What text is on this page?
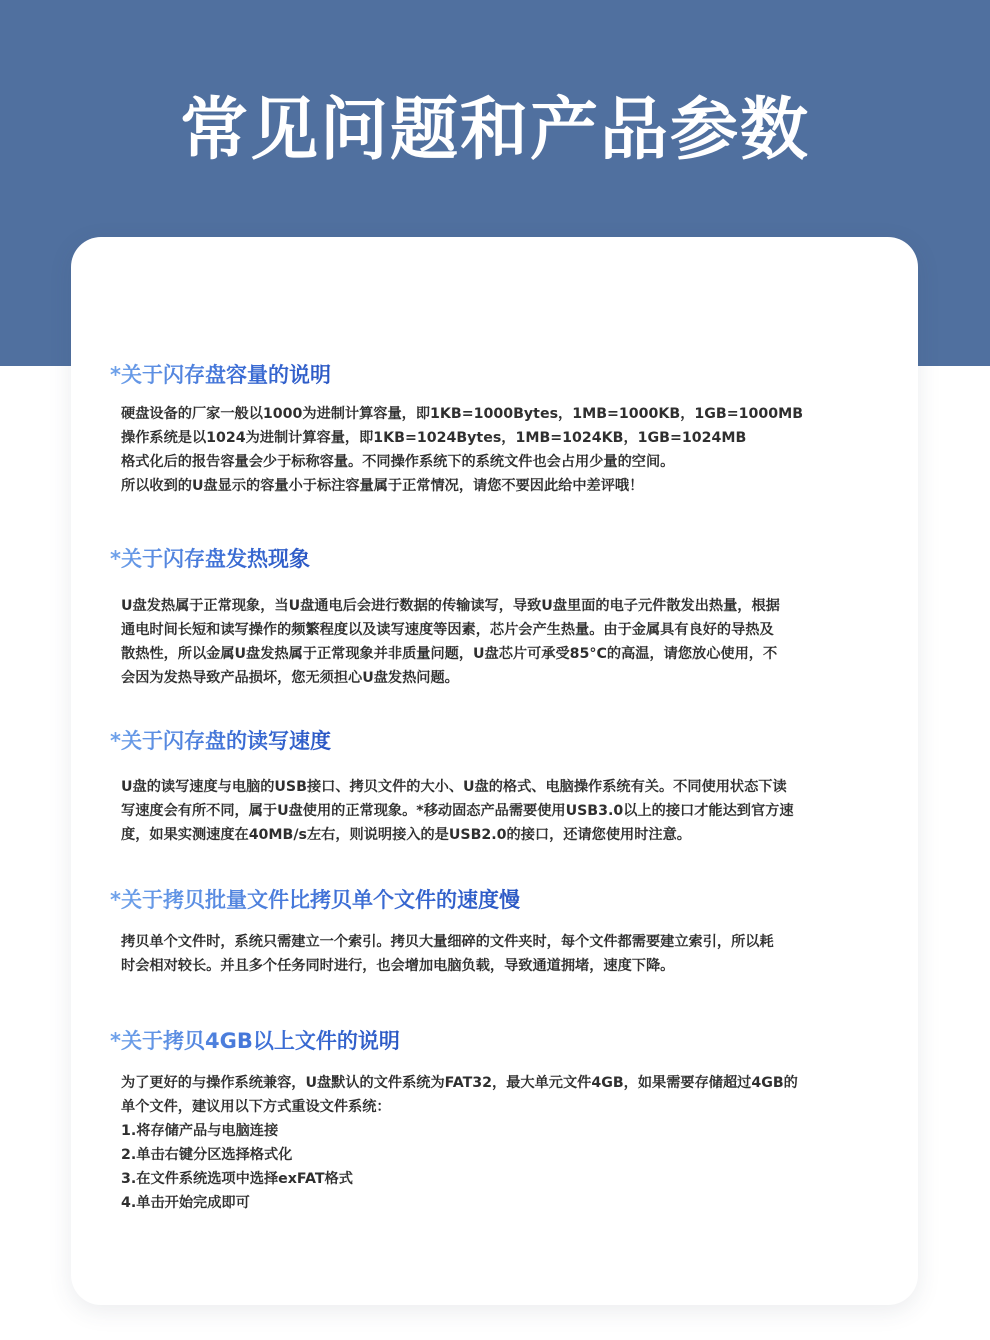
常见问题和产品参数
*关于闪存盘容量的说明
硬盘设备的厂家一般以1000为进制计算容量，即1KB=1000Bytes，1MB=1000KB，1GB=1000MB
操作系统是以1024为进制计算容量，即1KB=1024Bytes，1MB=1024KB，1GB=1024MB
格式化后的报告容量会少于标称容量。不同操作系统下的系统文件也会占用少量的空间。
所以收到的U盘显示的容量小于标注容量属于正常情况，请您不要因此给中差评哦！
*关于闪存盘发热现象
U盘发热属于正常现象，当U盘通电后会进行数据的传输读写，导致U盘里面的电子元件散发出热量，根据
通电时间长短和读写操作的频繁程度以及读写速度等因素，芯片会产生热量。由于金属具有良好的导热及
散热性，所以金属U盘发热属于正常现象并非质量问题，U盘芯片可承受85°C的高温，请您放心使用，不
会因为发热导致产品损坏，您无须担心U盘发热问题。
*关于闪存盘的读写速度
U盘的读写速度与电脑的USB接口、拷贝文件的大小、U盘的格式、电脑操作系统有关。不同使用状态下读
写速度会有所不同，属于U盘使用的正常现象。*移动固态产品需要使用USB3.0以上的接口才能达到官方速
度，如果实测速度在40MB/s左右，则说明接入的是USB2.0的接口，还请您使用时注意。
*关于拷贝批量文件比拷贝单个文件的速度慢
拷贝单个文件时，系统只需建立一个索引。拷贝大量细碎的文件夹时，每个文件都需要建立索引，所以耗
时会相对较长。并且多个任务同时进行，也会增加电脑负载，导致通道拥堵，速度下降。
*关于拷贝4GB以上文件的说明
为了更好的与操作系统兼容，U盘默认的文件系统为FAT32，最大单元文件4GB，如果需要存储超过4GB的
单个文件，建议用以下方式重设文件系统：
1.将存储产品与电脑连接
2.单击右键分区选择格式化
3.在文件系统选项中选择exFAT格式
4.单击开始完成即可
